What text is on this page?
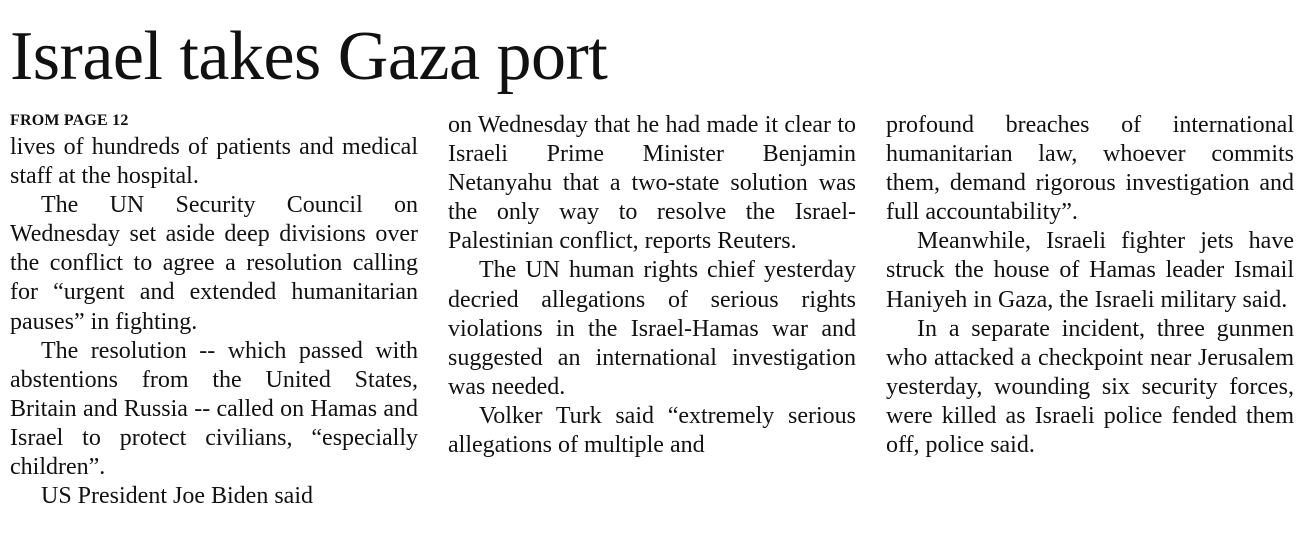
Israel takes Gaza port
FROM PAGE 12

lives of hundreds of patients and medical staff at the hospital.

The UN Security Council on Wednesday set aside deep divisions over the conflict to agree a resolution calling for “urgent and extended humanitarian pauses” in fighting.

The resolution -- which passed with abstentions from the United States, Britain and Russia -- called on Hamas and Israel to protect civilians, “especially children”.

US President Joe Biden said

on Wednesday that he had made it clear to Israeli Prime Minister Benjamin Netanyahu that a two-state solution was the only way to resolve the Israel-Palestinian conflict, reports Reuters.

The UN human rights chief yesterday decried allegations of serious rights violations in the Israel-Hamas war and suggested an international investigation was needed.

Volker Turk said “extremely serious allegations of multiple and

profound breaches of international humanitarian law, whoever commits them, demand rigorous investigation and full accountability”.

Meanwhile, Israeli fighter jets have struck the house of Hamas leader Ismail Haniyeh in Gaza, the Israeli military said.

In a separate incident, three gunmen who attacked a checkpoint near Jerusalem yesterday, wounding six security forces, were killed as Israeli police fended them off, police said.
